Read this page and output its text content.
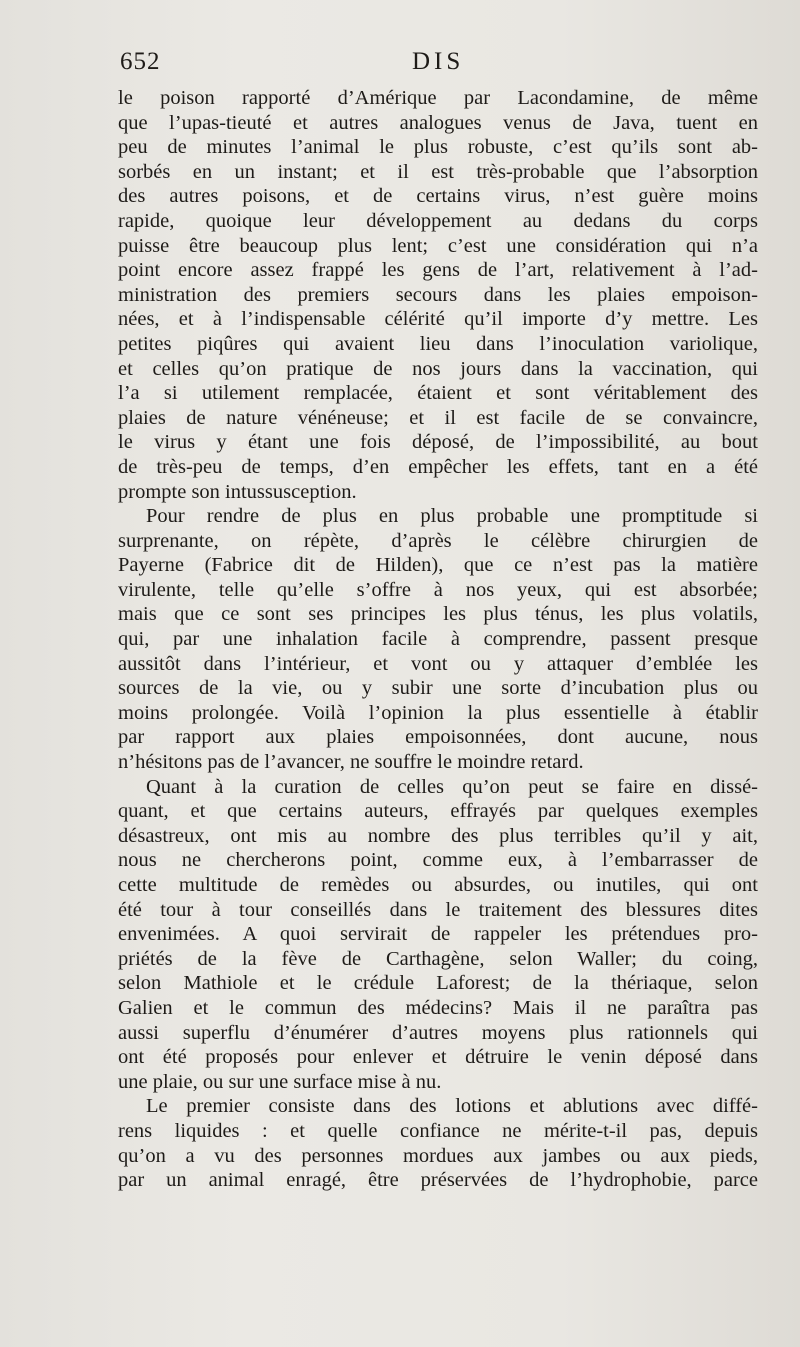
652	DIS
le poison rapporté d’Amérique par Lacondamine, de même
que l’upas-tieuté et autres analogues venus de Java, tuent en
peu de minutes l’animal le plus robuste, c’est qu’ils sont ab-
sorbés en un instant; et il est très-probable que l’absorption
des autres poisons, et de certains virus, n’est guère moins
rapide, quoique leur développement au dedans du corps
puisse être beaucoup plus lent; c’est une considération qui n’a
point encore assez frappé les gens de l’art, relativement à l’ad-
ministration des premiers secours dans les plaies empoison-
nées, et à l’indispensable célérité qu’il importe d’y mettre. Les
petites piqûres qui avaient lieu dans l’inoculation variolique,
et celles qu’on pratique de nos jours dans la vaccination, qui
l’a si utilement remplacée, étaient et sont véritablement des
plaies de nature vénéneuse; et il est facile de se convaincre,
le virus y étant une fois déposé, de l’impossibilité, au bout
de très-peu de temps, d’en empêcher les effets, tant en a été
prompte son intussusception.
Pour rendre de plus en plus probable une promptitude si
surprenante, on répète, d’après le célèbre chirurgien de
Payerne (Fabrice dit de Hilden), que ce n’est pas la matière
virulente, telle qu’elle s’offre à nos yeux, qui est absorbée;
mais que ce sont ses principes les plus ténus, les plus volatils,
qui, par une inhalation facile à comprendre, passent presque
aussitôt dans l’intérieur, et vont ou y attaquer d’emblée les
sources de la vie, ou y subir une sorte d’incubation plus ou
moins prolongée. Voilà l’opinion la plus essentielle à établir
par rapport aux plaies empoisonnées, dont aucune, nous
n’hésitons pas de l’avancer, ne souffre le moindre retard.
Quant à la curation de celles qu’on peut se faire en dissé-
quant, et que certains auteurs, effrayés par quelques exemples
désastreux, ont mis au nombre des plus terribles qu’il y ait,
nous ne chercherons point, comme eux, à l’embarrasser de
cette multitude de remèdes ou absurdes, ou inutiles, qui ont
été tour à tour conseillés dans le traitement des blessures dites
envenimées. A quoi servirait de rappeler les prétendues pro-
priétés de la fève de Carthagène, selon Waller; du coing,
selon Mathiole et le crédule Laforest; de la thériaque, selon
Galien et le commun des médecins? Mais il ne paraîtra pas
aussi superflu d’énumérer d’autres moyens plus rationnels qui
ont été proposés pour enlever et détruire le venin déposé dans
une plaie, ou sur une surface mise à nu.
Le premier consiste dans des lotions et ablutions avec diffé-
rens liquides : et quelle confiance ne mérite-t-il pas, depuis
qu’on a vu des personnes mordues aux jambes ou aux pieds,
par un animal enragé, être préservées de l’hydrophobie, parce
